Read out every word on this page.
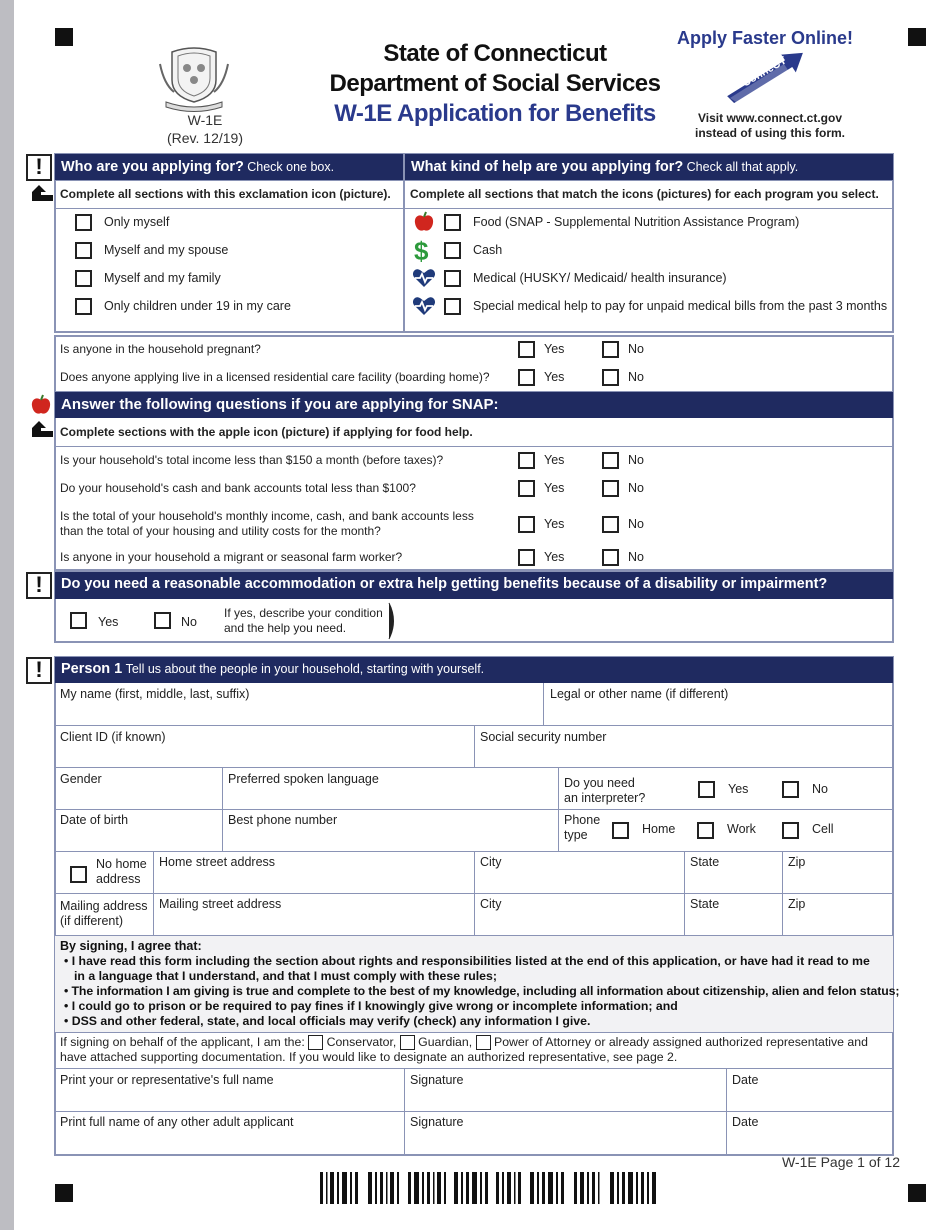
W-1E
(Rev. 12/19)
State of Connecticut
Department of Social Services
W-1E Application for Benefits
Apply Faster Online!
ConneCT
Visit www.connect.ct.gov
instead of using this form.
!	Who are you applying for? Check one box.	What kind of help are you applying for? Check all that apply.
Complete all sections with this exclamation icon (picture). Complete all sections that match the icons (pictures) for each program you select.
Only myself
Myself and my spouse
Myself and my family
Only children under 19 in my care
Food (SNAP - Supplemental Nutrition Assistance Program)
$	Cash
Medical (HUSKY/ Medicaid/ health insurance)
Special medical help to pay for unpaid medical bills from the past 3 months
Is anyone in the household pregnant?	Yes	No
Does anyone applying live in a licensed residential care facility (boarding home)?	Yes	No
Answer the following questions if you are applying for SNAP:
Complete sections with the apple icon (picture) if applying for food help.
Is your household's total income less than $150 a month (before taxes)?	Yes	No
Do your household's cash and bank accounts total less than $100?	Yes	No
Is the total of your household's monthly income, cash, and bank accounts less
than the total of your housing and utility costs for the month?	Yes	No
Is anyone in your household a migrant or seasonal farm worker?	Yes	No
!	Do you need a reasonable accommodation or extra help getting benefits because of a disability or impairment?
Yes	No
If yes, describe your condition
and the help you need.
!	Person 1 Tell us about the people in your household, starting with yourself.
My name (first, middle, last, suffix)	Legal or other name (if different)
Client ID (if known)	Social security number
Gender	Preferred spoken language	Do you need
an interpreter?
Yes	No
Date of birth	Best phone number	Phone
type	Home	Work	Cell
No home
address
Home street address	City	State	Zip
Mailing address
(if different)
Mailing street address	City	State	Zip
By signing, I agree that:
• I have read this form including the section about rights and responsibilities listed at the end of this application, or have had it read to me
in a language that I understand, and that I must comply with these rules;
• The information I am giving is true and complete to the best of my knowledge, including all information about citizenship, alien and felon status;
• I could go to prison or be required to pay fines if I knowingly give wrong or incomplete information; and
• DSS and other federal, state, and local officials may verify (check) any information I give.
If signing on behalf of the applicant, I am the: Conservator, Guardian, Power of Attorney or already assigned authorized representative and
have attached supporting documentation. If you would like to designate an authorized representative, see page 2.
Print your or representative's full name	Signature	Date
Print full name of any other adult applicant	Signature	Date
W-1E Page 1 of 12
